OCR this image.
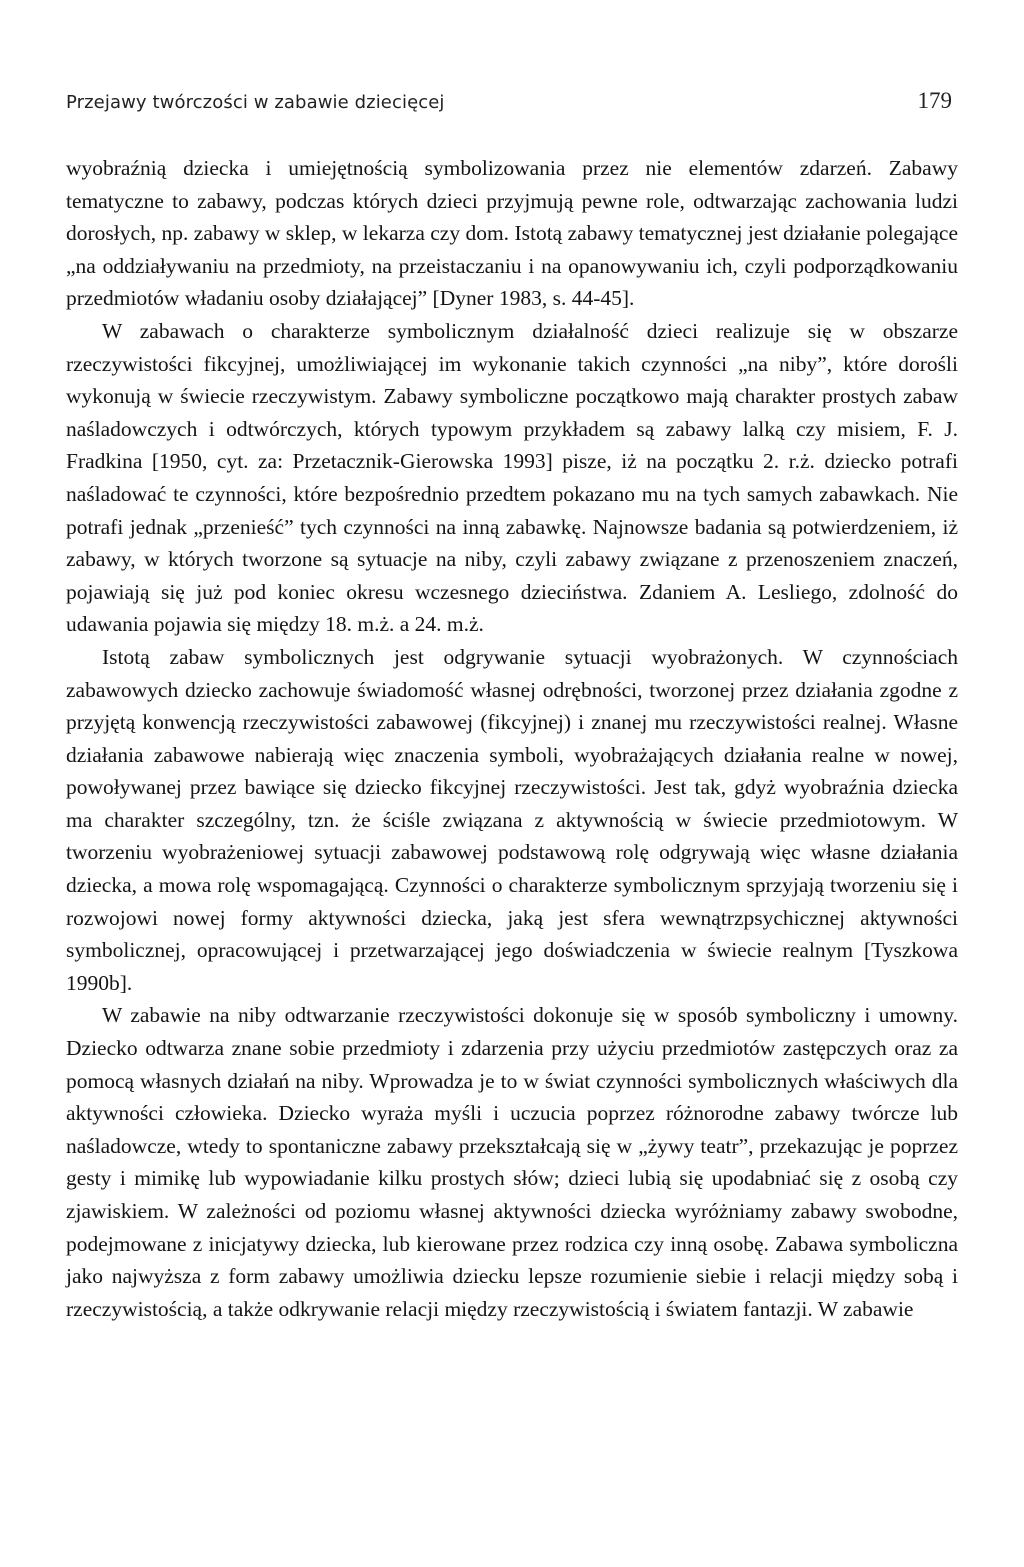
Przejawy twórczości w zabawie dziecięcej	179

wyobraźnią dziecka i umiejętnością symbolizowania przez nie elementów zdarzeń. Zabawy tematyczne to zabawy, podczas których dzieci przyjmują pewne role, odtwarzając zachowania ludzi dorosłych, np. zabawy w sklep, w lekarza czy dom. Istotą zabawy tematycznej jest działanie polegające „na oddziaływaniu na przedmioty, na przeistaczaniu i na opanowywaniu ich, czyli podporządkowaniu przedmiotów władaniu osoby działającej” [Dyner 1983, s. 44-45].

W zabawach o charakterze symbolicznym działalność dzieci realizuje się w obszarze rzeczywistości fikcyjnej, umożliwiającej im wykonanie takich czynności „na niby”, które dorośli wykonują w świecie rzeczywistym. Zabawy symboliczne początkowo mają charakter prostych zabaw naśladowczych i odtwórczych, których typowym przykładem są zabawy lalką czy misiem, F. J. Fradkina [1950, cyt. za: Przetacznik-Gierowska 1993] pisze, iż na początku 2. r.ż. dziecko potrafi naśladować te czynności, które bezpośrednio przedtem pokazano mu na tych samych zabawkach. Nie potrafi jednak „przenieść” tych czynności na inną zabawkę. Najnowsze badania są potwierdzeniem, iż zabawy, w których tworzone są sytuacje na niby, czyli zabawy związane z przenoszeniem znaczeń, pojawiają się już pod koniec okresu wczesnego dzieciństwa. Zdaniem A. Lesliego, zdolność do udawania pojawia się między 18. m.ż. a 24. m.ż.

Istotą zabaw symbolicznych jest odgrywanie sytuacji wyobrażonych. W czynnościach zabawowych dziecko zachowuje świadomość własnej odrębności, tworzonej przez działania zgodne z przyjętą konwencją rzeczywistości zabawowej (fikcyjnej) i znanej mu rzeczywistości realnej. Własne działania zabawowe nabierają więc znaczenia symboli, wyobrażających działania realne w nowej, powoływanej przez bawiące się dziecko fikcyjnej rzeczywistości. Jest tak, gdyż wyobraźnia dziecka ma charakter szczególny, tzn. że ściśle związana z aktywnością w świecie przedmiotowym. W tworzeniu wyobrażeniowej sytuacji zabawowej podstawową rolę odgrywają więc własne działania dziecka, a mowa rolę wspomagającą. Czynności o charakterze symbolicznym sprzyjają tworzeniu się i rozwojowi nowej formy aktywności dziecka, jaką jest sfera wewnątrzpsychicznej aktywności symbolicznej, opracowującej i przetwarzającej jego doświadczenia w świecie realnym [Tyszkowa 1990b].

W zabawie na niby odtwarzanie rzeczywistości dokonuje się w sposób symboliczny i umowny. Dziecko odtwarza znane sobie przedmioty i zdarzenia przy użyciu przedmiotów zastępczych oraz za pomocą własnych działań na niby. Wprowadza je to w świat czynności symbolicznych właściwych dla aktywności człowieka. Dziecko wyraża myśli i uczucia poprzez różnorodne zabawy twórcze lub naśladowcze, wtedy to spontaniczne zabawy przekształcają się w „żywy teatr”, przekazując je poprzez gesty i mimikę lub wypowiadanie kilku prostych słów; dzieci lubią się upodabniać się z osobą czy zjawiskiem. W zależności od poziomu własnej aktywności dziecka wyróżniamy zabawy swobodne, podejmowane z inicjatywy dziecka, lub kierowane przez rodzica czy inną osobę. Zabawa symboliczna jako najwyższa z form zabawy umożliwia dziecku lepsze rozumienie siebie i relacji między sobą i rzeczywistością, a także odkrywanie relacji między rzeczywistością i światem fantazji. W zabawie
